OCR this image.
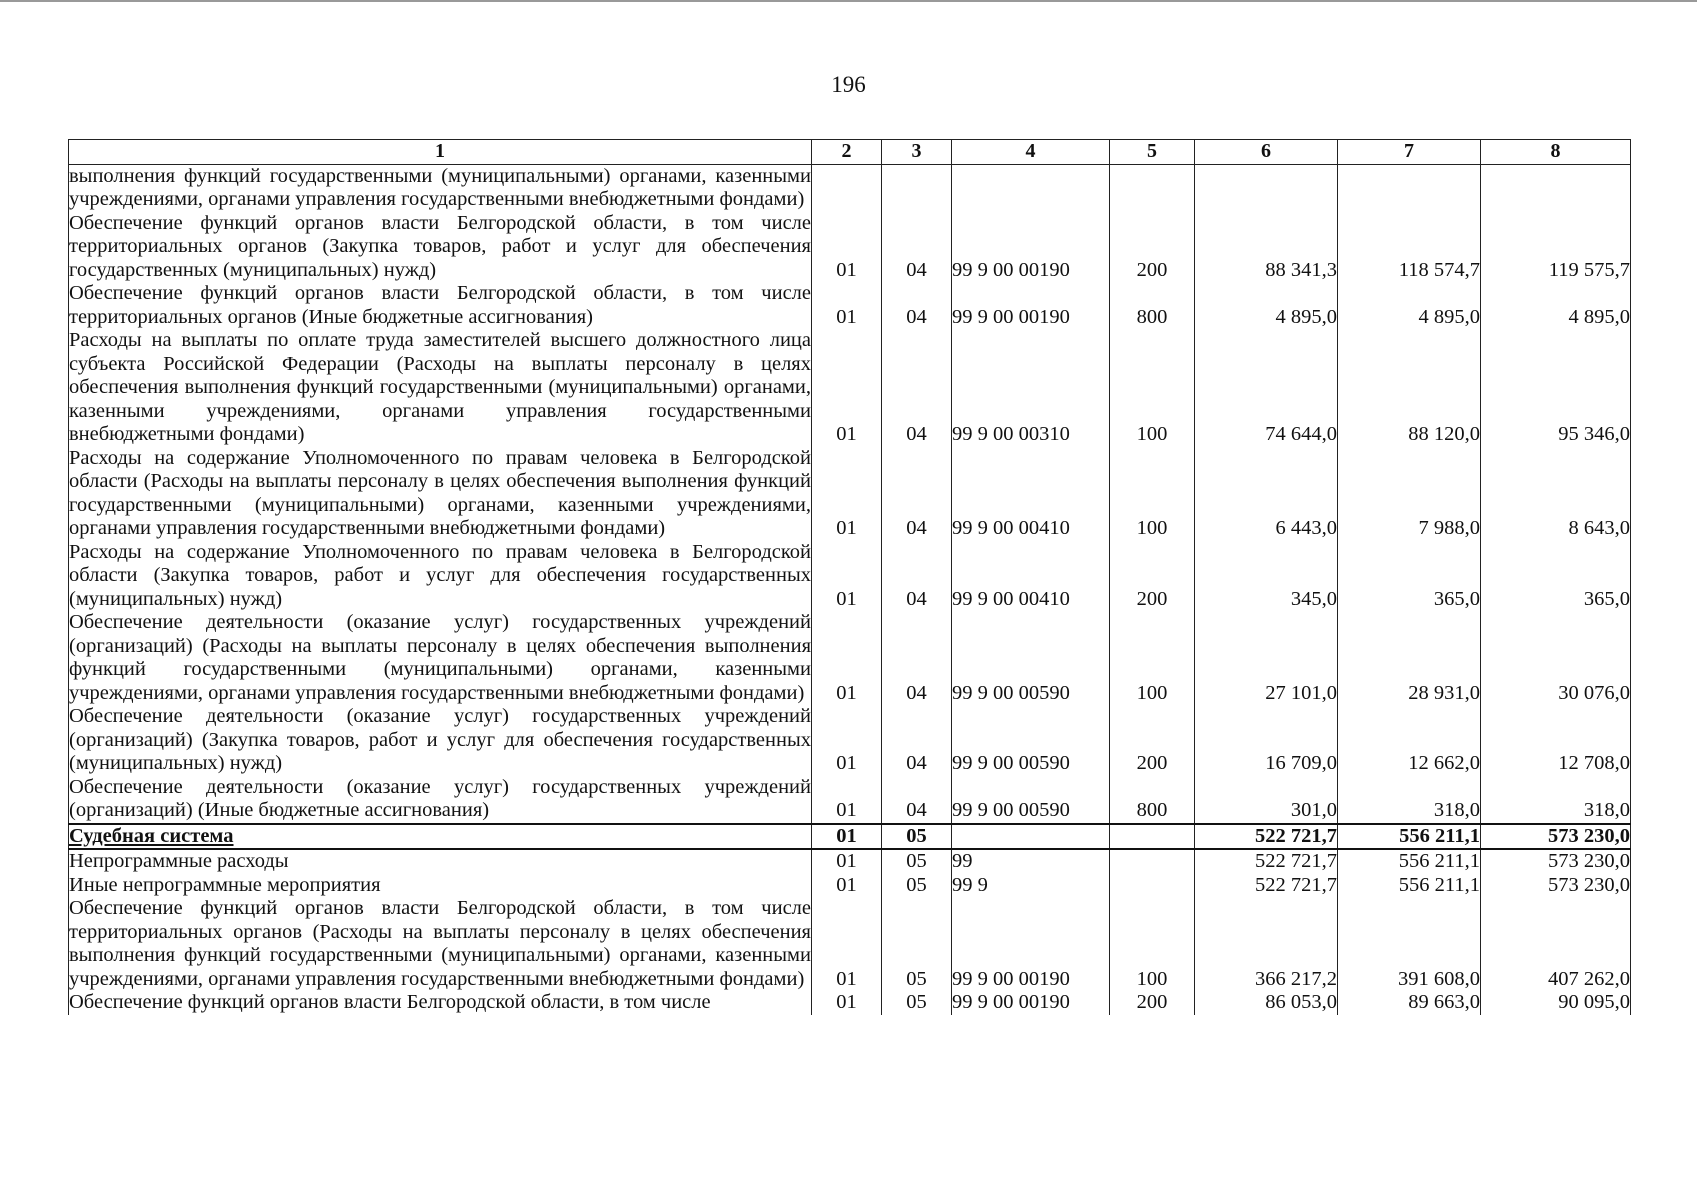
196
1	2	3	4	5	6	7	8
выполнения функций государственными (муниципальными) органами, казенными учреждениями, органами управления государственными внебюджетными фондами)							
Обеспечение функций органов власти Белгородской области, в том числе территориальных органов (Закупка товаров, работ и услуг для обеспечения государственных (муниципальных) нужд)	01	04	99 9 00 00190	200	88 341,3	118 574,7	119 575,7
Обеспечение функций органов власти Белгородской области, в том числе территориальных органов (Иные бюджетные ассигнования)	01	04	99 9 00 00190	800	4 895,0	4 895,0	4 895,0
Расходы на выплаты по оплате труда заместителей высшего должностного лица субъекта Российской Федерации (Расходы на выплаты персоналу в целях обеспечения выполнения функций государственными (муниципальными) органами, казенными учреждениями, органами управления государственными внебюджетными фондами)	01	04	99 9 00 00310	100	74 644,0	88 120,0	95 346,0
Расходы на содержание Уполномоченного по правам человека в Белгородской области (Расходы на выплаты персоналу в целях обеспечения выполнения функций государственными (муниципальными) органами, казенными учреждениями, органами управления государственными внебюджетными фондами)	01	04	99 9 00 00410	100	6 443,0	7 988,0	8 643,0
Расходы на содержание Уполномоченного по правам человека в Белгородской области (Закупка товаров, работ и услуг для обеспечения государственных (муниципальных) нужд)	01	04	99 9 00 00410	200	345,0	365,0	365,0
Обеспечение деятельности (оказание услуг) государственных учреждений (организаций) (Расходы на выплаты персоналу в целях обеспечения выполнения функций государственными (муниципальными) органами, казенными учреждениями, органами управления государственными внебюджетными фондами)	01	04	99 9 00 00590	100	27 101,0	28 931,0	30 076,0
Обеспечение деятельности (оказание услуг) государственных учреждений (организаций) (Закупка товаров, работ и услуг для обеспечения государственных (муниципальных) нужд)	01	04	99 9 00 00590	200	16 709,0	12 662,0	12 708,0
Обеспечение деятельности (оказание услуг) государственных учреждений (организаций) (Иные бюджетные ассигнования)	01	04	99 9 00 00590	800	301,0	318,0	318,0
Судебная система	01	05			522 721,7	556 211,1	573 230,0
Непрограммные расходы	01	05	99		522 721,7	556 211,1	573 230,0
Иные непрограммные мероприятия	01	05	99 9		522 721,7	556 211,1	573 230,0
Обеспечение функций органов власти Белгородской области, в том числе территориальных органов (Расходы на выплаты персоналу в целях обеспечения выполнения функций государственными (муниципальными) органами, казенными учреждениями, органами управления государственными внебюджетными фондами)	01	05	99 9 00 00190	100	366 217,2	391 608,0	407 262,0
Обеспечение функций органов власти Белгородской области, в том числе	01	05	99 9 00 00190	200	86 053,0	89 663,0	90 095,0
